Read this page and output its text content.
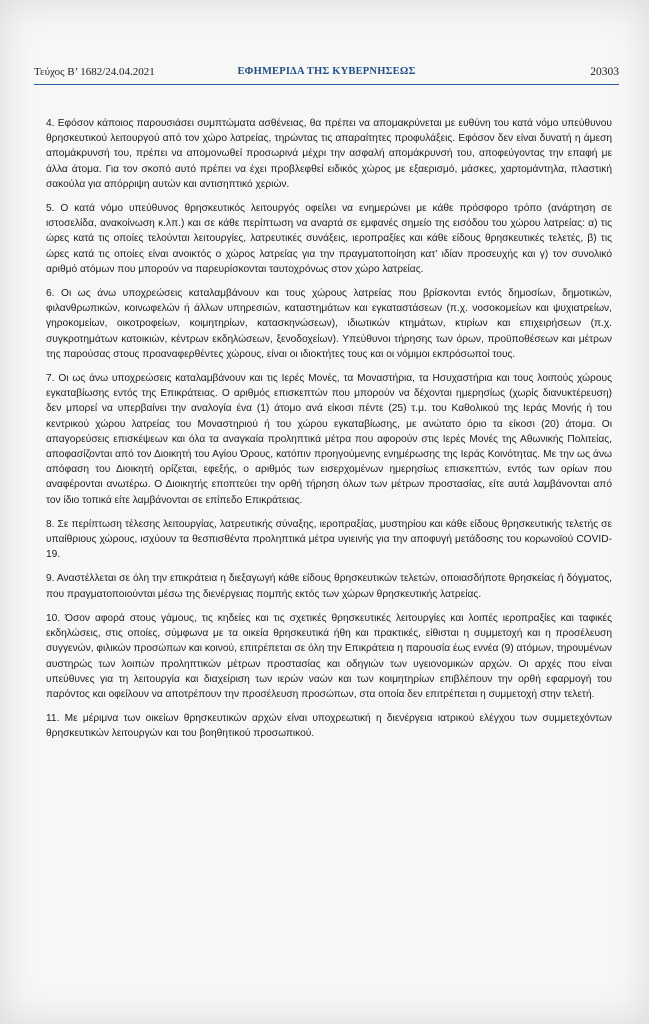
Τεύχος Β’ 1682/24.04.2021	ΕΦΗΜΕΡΙΔΑ ΤΗΣ ΚΥΒΕΡΝΗΣΕΩΣ	20303

4. Εφόσον κάποιος παρουσιάσει συμπτώματα ασθένειας, θα πρέπει να απομακρύνεται με ευθύνη του κατά νόμο υπεύθυνου θρησκευτικού λειτουργού από τον χώρο λατρείας, τηρώντας τις απαραίτητες προφυλάξεις. Εφόσον δεν είναι δυνατή η άμεση απομάκρυνσή του, πρέπει να απομονωθεί προσωρινά μέχρι την ασφαλή απομάκρυνσή του, αποφεύγοντας την επαφή με άλλα άτομα. Για τον σκοπό αυτό πρέπει να έχει προβλεφθεί ειδικός χώρος με εξαερισμό, μάσκες, χαρτομάντηλα, πλαστική σακούλα για απόρριψη αυτών και αντισηπτικό χεριών.

5. Ο κατά νόμο υπεύθυνος θρησκευτικός λειτουργός οφείλει να ενημερώνει με κάθε πρόσφορο τρόπο (ανάρτηση σε ιστοσελίδα, ανακοίνωση κ.λπ.) και σε κάθε περίπτωση να αναρτά σε εμφανές σημείο της εισόδου του χώρου λατρείας: α) τις ώρες κατά τις οποίες τελούνται λειτουργίες, λατρευτικές συνάξεις, ιεροπραξίες και κάθε είδους θρησκευτικές τελετές, β) τις ώρες κατά τις οποίες είναι ανοικτός ο χώρος λατρείας για την πραγματοποίηση κατ’ ιδίαν προσευχής και γ) τον συνολικό αριθμό ατόμων που μπορούν να παρευρίσκονται ταυτοχρόνως στον χώρο λατρείας.

6. Οι ως άνω υποχρεώσεις καταλαμβάνουν και τους χώρους λατρείας που βρίσκονται εντός δημοσίων, δημοτικών, φιλανθρωπικών, κοινωφελών ή άλλων υπηρεσιών, καταστημάτων και εγκαταστάσεων (π.χ. νοσοκομείων και ψυχιατρείων, γηροκομείων, οικοτροφείων, κοιμητηρίων, κατασκηνώσεων), ιδιωτικών κτημάτων, κτιρίων και επιχειρήσεων (π.χ. συγκροτημάτων κατοικιών, κέντρων εκδηλώσεων, ξενοδοχείων). Υπεύθυνοι τήρησης των όρων, προϋποθέσεων και μέτρων της παρούσας στους προαναφερθέντες χώρους, είναι οι ιδιοκτήτες τους και οι νόμιμοι εκπρόσωποί τους.

7. Οι ως άνω υποχρεώσεις καταλαμβάνουν και τις Ιερές Μονές, τα Μοναστήρια, τα Ησυχαστήρια και τους λοιπούς χώρους εγκαταβίωσης εντός της Επικράτειας. Ο αριθμός επισκεπτών που μπορούν να δέχονται ημερησίως (χωρίς διανυκτέρευση) δεν μπορεί να υπερβαίνει την αναλογία ένα (1) άτομο ανά είκοσι πέντε (25) τ.μ. του Καθολικού της Ιεράς Μονής ή του κεντρικού χώρου λατρείας του Μοναστηριού ή του χώρου εγκαταβίωσης, με ανώτατο όριο τα είκοσι (20) άτομα. Οι απαγορεύσεις επισκέψεων και όλα τα αναγκαία προληπτικά μέτρα που αφορούν στις Ιερές Μονές της Αθωνικής Πολιτείας, αποφασίζονται από τον Διοικητή του Αγίου Όρους, κατόπιν προηγούμενης ενημέρωσης της Ιεράς Κοινότητας. Με την ως άνω απόφαση του Διοικητή ορίζεται, εφεξής, ο αριθμός των εισερχομένων ημερησίως επισκεπτών, εντός των ορίων που αναφέρονται ανωτέρω. Ο Διοικητής εποπτεύει την ορθή τήρηση όλων των μέτρων προστασίας, είτε αυτά λαμβάνονται από τον ίδιο τοπικά είτε λαμβάνονται σε επίπεδο Επικράτειας.

8. Σε περίπτωση τέλεσης λειτουργίας, λατρευτικής σύναξης, ιεροπραξίας, μυστηρίου και κάθε είδους θρησκευτικής τελετής σε υπαίθριους χώρους, ισχύουν τα θεσπισθέντα προληπτικά μέτρα υγιεινής για την αποφυγή μετάδοσης του κορωνοϊού COVID-19.

9. Αναστέλλεται σε όλη την επικράτεια η διεξαγωγή κάθε είδους θρησκευτικών τελετών, οποιασδήποτε θρησκείας ή δόγματος, που πραγματοποιούνται μέσω της διενέργειας πομπής εκτός των χώρων θρησκευτικής λατρείας.

10. Όσον αφορά στους γάμους, τις κηδείες και τις σχετικές θρησκευτικές λειτουργίες και λοιπές ιεροπραξίες και ταφικές εκδηλώσεις, στις οποίες, σύμφωνα με τα οικεία θρησκευτικά ήθη και πρακτικές, είθισται η συμμετοχή και η προσέλευση συγγενών, φιλικών προσώπων και κοινού, επιτρέπεται σε όλη την Επικράτεια η παρουσία έως εννέα (9) ατόμων, τηρουμένων αυστηρώς των λοιπών προληπτικών μέτρων προστασίας και οδηγιών των υγειονομικών αρχών. Οι αρχές που είναι υπεύθυνες για τη λειτουργία και διαχείριση των ιερών ναών και των κοιμητηρίων επιβλέπουν την ορθή εφαρμογή του παρόντος και οφείλουν να αποτρέπουν την προσέλευση προσώπων, στα οποία δεν επιτρέπεται η συμμετοχή στην τελετή.

11. Με μέριμνα των οικείων θρησκευτικών αρχών είναι υποχρεωτική η διενέργεια ιατρικού ελέγχου των συμμετεχόντων θρησκευτικών λειτουργών και του βοηθητικού προσωπικού.
